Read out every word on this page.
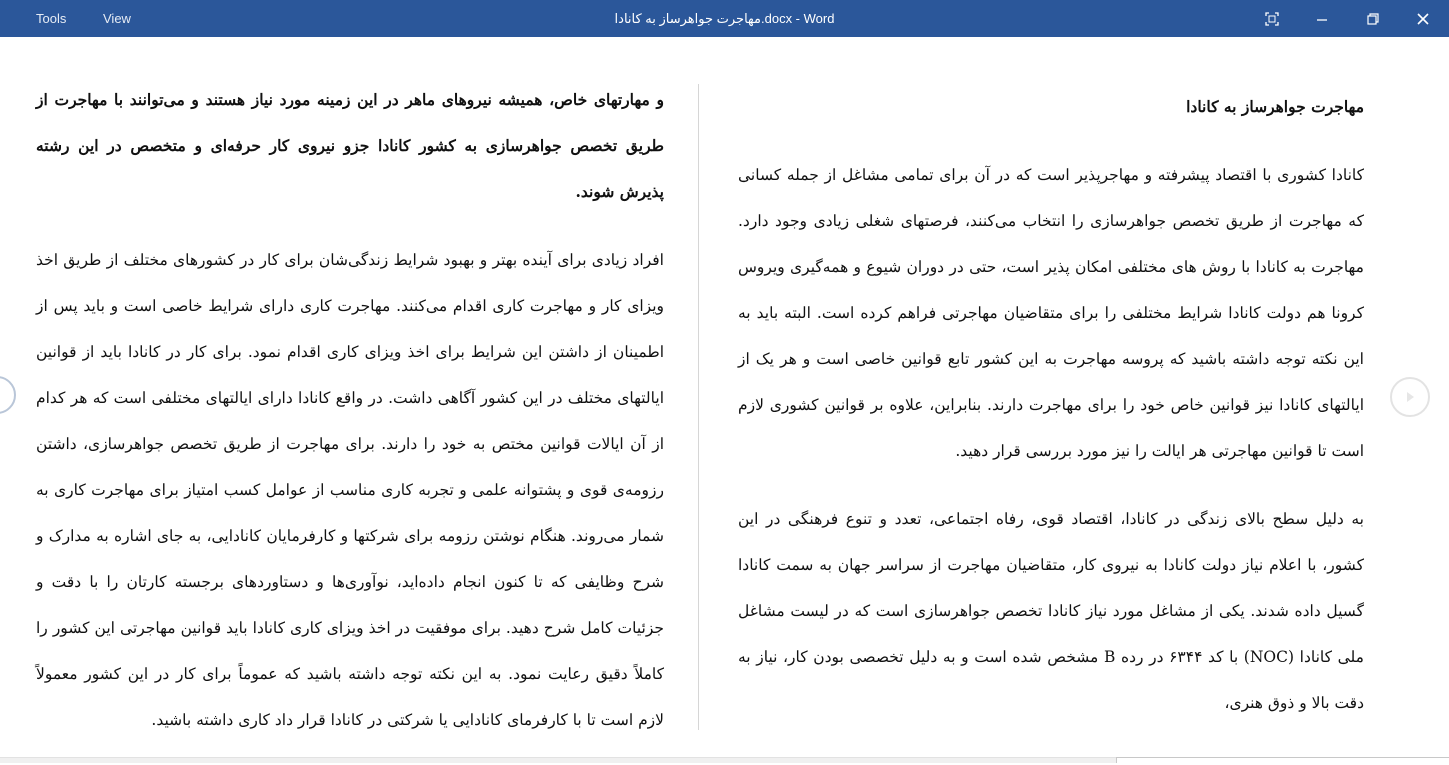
Tools	View	مهاجرت جواهرساز به کانادا.docx - Word

مهاجرت جواهرساز به کانادا

کانادا کشوری با اقتصاد پیشرفته و مهاجرپذیر است که در آن برای تمامی مشاغل از جمله کسانی که مهاجرت از طریق تخصص جواهرسازی را انتخاب می‌کنند، فرصتهای شغلی زیادی وجود دارد. مهاجرت به کانادا با روش های مختلفی امکان پذیر است، حتی در دوران شیوع و همه‌گیری ویروس کرونا هم دولت کانادا شرایط مختلفی را برای متقاضیان مهاجرتی فراهم کرده است. البته باید به این نکته توجه داشته باشید که پروسه مهاجرت به این کشور تابع قوانین خاصی است و هر یک از ایالتهای کانادا نیز قوانین خاص خود را برای مهاجرت دارند. بنابراین، علاوه بر قوانین کشوری لازم است تا قوانین مهاجرتی هر ایالت را نیز مورد بررسی قرار دهید.

به دلیل سطح بالای زندگی در کانادا، اقتصاد قوی، رفاه اجتماعی، تعدد و تنوع فرهنگی در این کشور، با اعلام نیاز دولت کانادا به نیروی کار، متقاضیان مهاجرت از سراسر جهان به سمت کانادا گسیل داده شدند. یکی از مشاغل مورد نیاز کانادا تخصص جواهرسازی است که در لیست مشاغل ملی کانادا (NOC) با کد ۶۳۴۴ در رده B مشخص شده است و به دلیل تخصصی بودن کار، نیاز به دقت بالا و ذوق هنری،

و مهارتهای خاص، همیشه نیروهای ماهر در این زمینه مورد نیاز هستند و می‌توانند با مهاجرت از طریق تخصص جواهرسازی به کشور کانادا جزو نیروی کار حرفه‌ای و متخصص در این رشته پذیرش شوند.

افراد زیادی برای آینده بهتر و بهبود شرایط زندگی‌شان برای کار در کشورهای مختلف از طریق اخذ ویزای کار و مهاجرت کاری اقدام می‌کنند. مهاجرت کاری دارای شرایط خاصی است و باید پس از اطمینان از داشتن این شرایط برای اخذ ویزای کاری اقدام نمود. برای کار در کانادا باید از قوانین ایالتهای مختلف در این کشور آگاهی داشت. در واقع کانادا دارای ایالتهای مختلفی است که هر کدام از آن ایالات قوانین مختص به خود را دارند. برای مهاجرت از طریق تخصص جواهرسازی، داشتن رزومه‌ی قوی و پشتوانه علمی و تجربه کاری مناسب از عوامل کسب امتیاز برای مهاجرت کاری به شمار می‌روند. هنگام نوشتن رزومه برای شرکتها و کارفرمایان کانادایی، به جای اشاره به مدارک و شرح وظایفی که تا کنون انجام داده‌اید، نوآوری‌ها و دستاوردهای برجسته کارتان را با دقت و جزئیات کامل شرح دهید. برای موفقیت در اخذ ویزای کاری کانادا باید قوانین مهاجرتی این کشور را کاملاً دقیق رعایت نمود. به این نکته توجه داشته باشید که عموماً برای کار در این کشور معمولاً لازم است تا با کارفرمای کانادایی یا شرکتی در کانادا قرار داد کاری داشته باشید.
